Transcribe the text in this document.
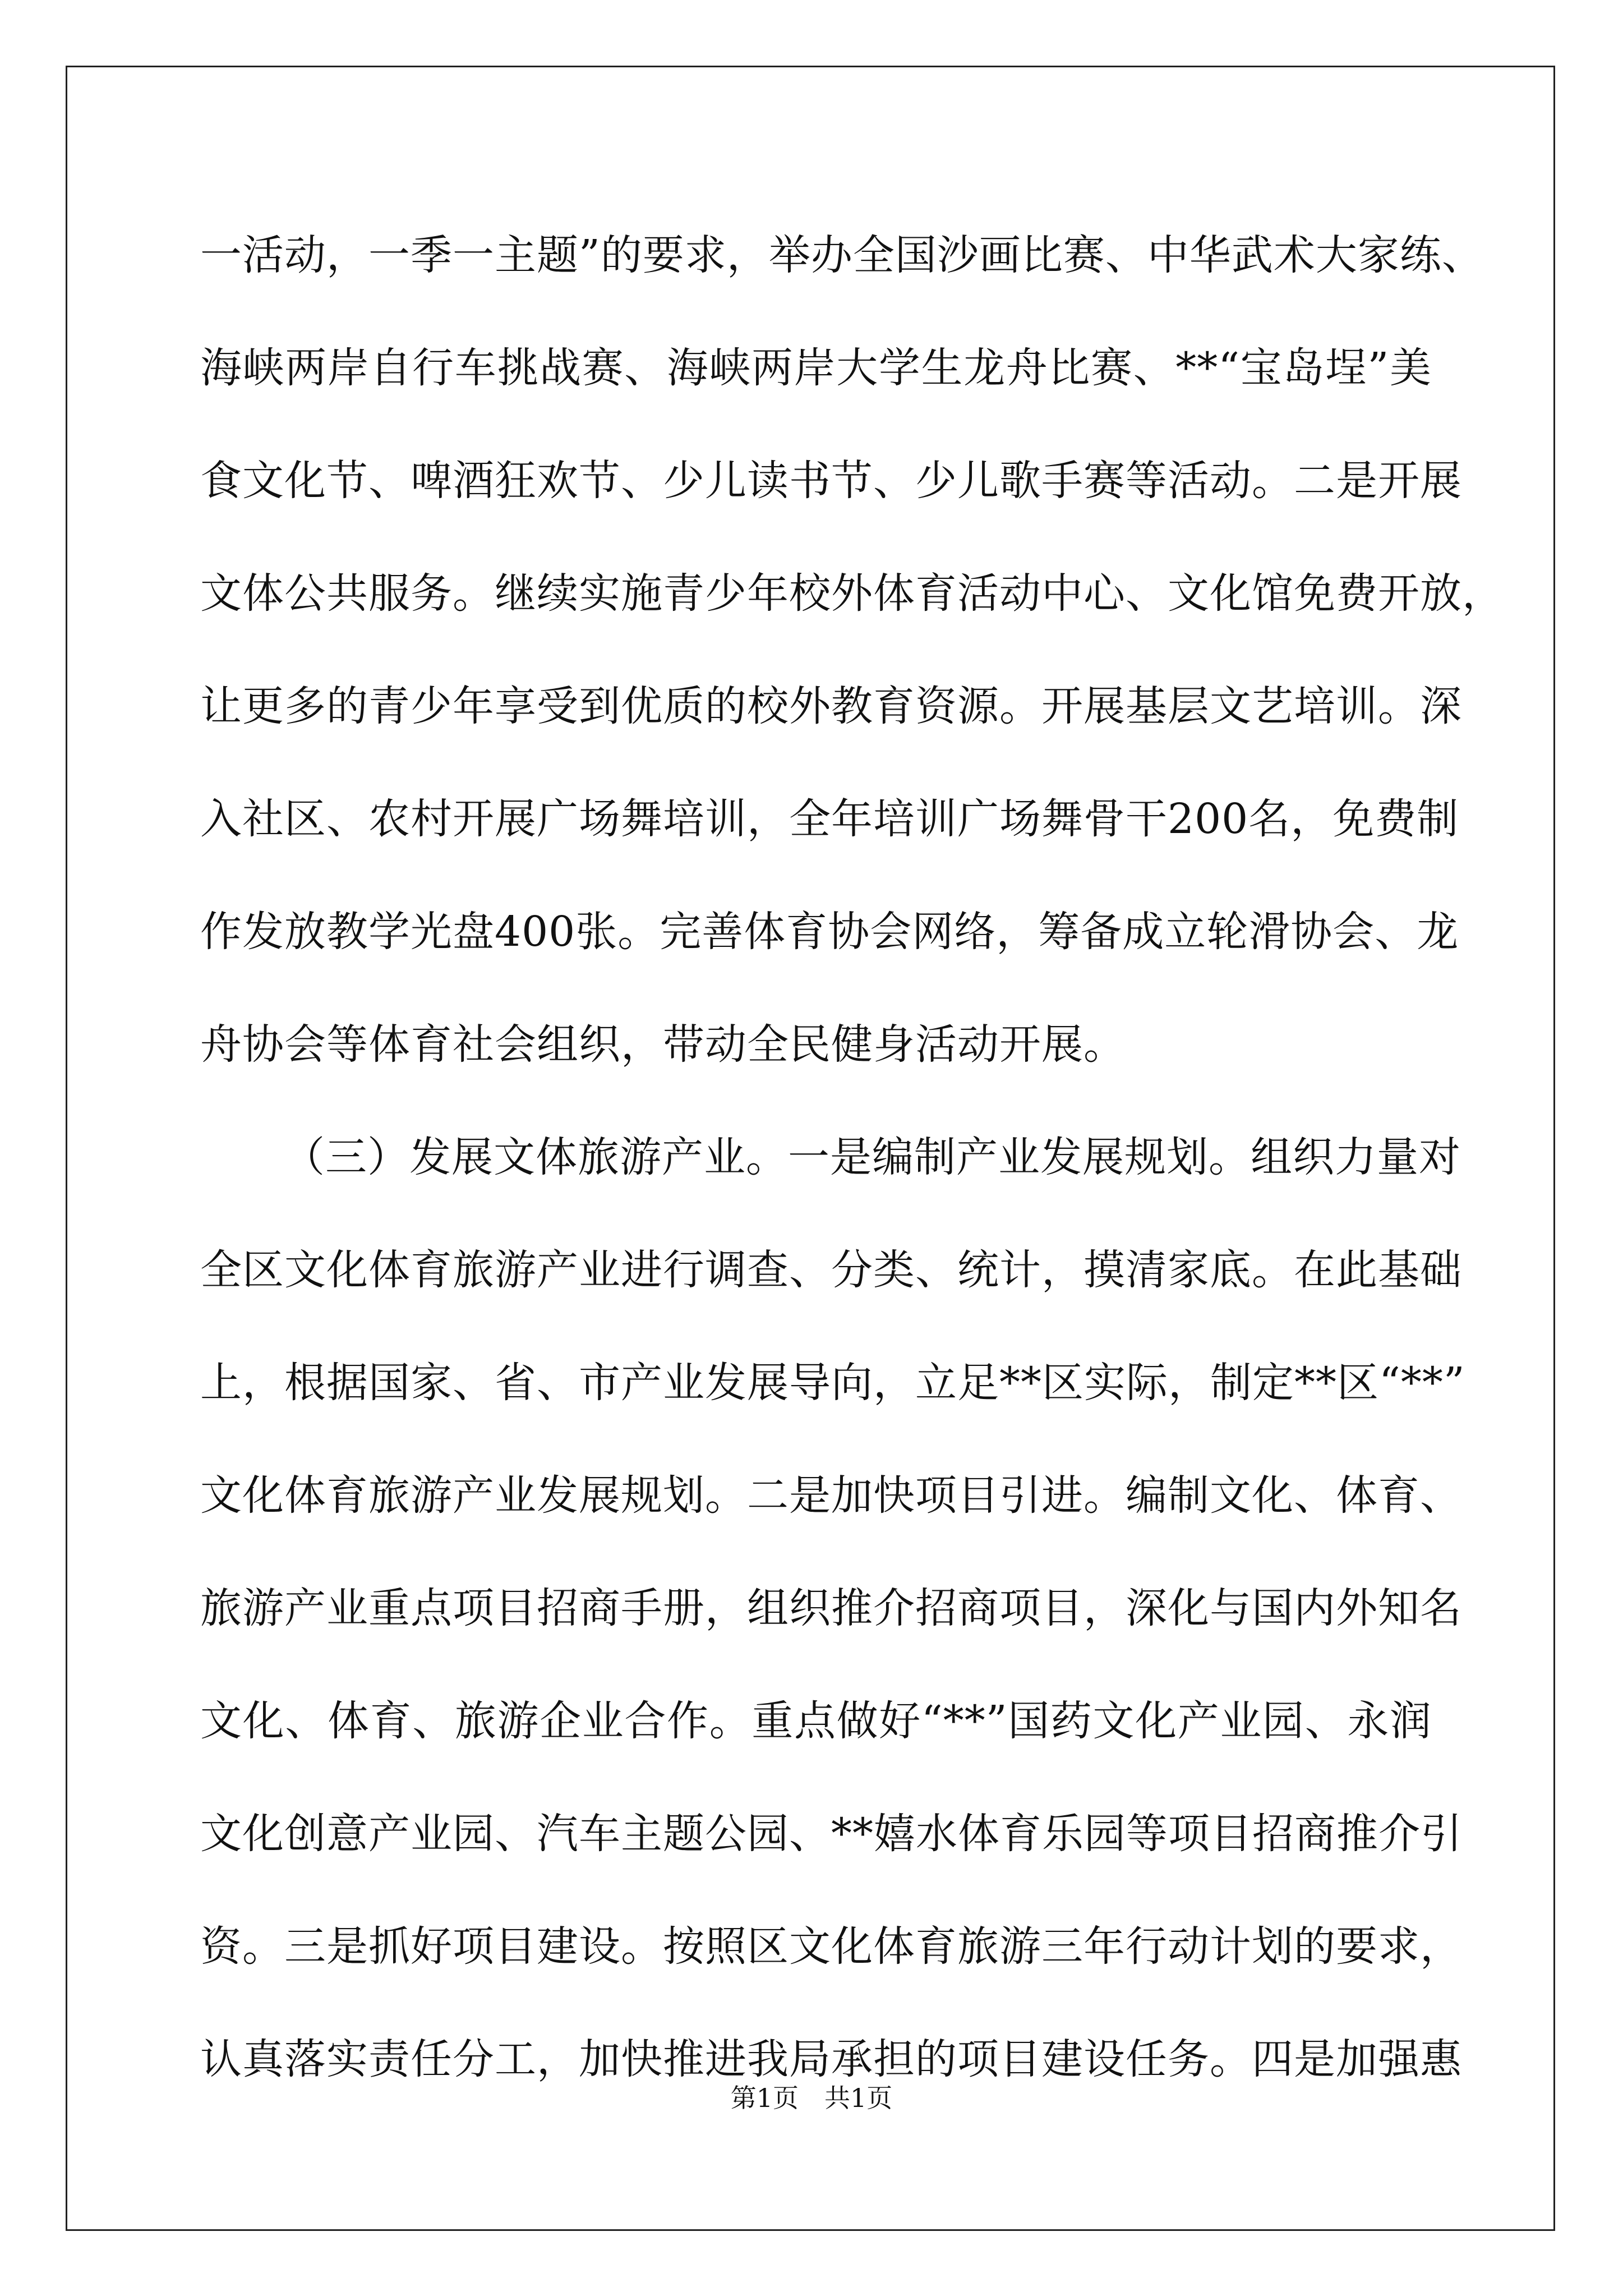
一活动，一季一主题”的要求，举办全国沙画比赛、中华武术大家练、
海峡两岸自行车挑战赛、海峡两岸大学生龙舟比赛、**“宝岛埕”美
食文化节、啤酒狂欢节、少儿读书节、少儿歌手赛等活动。二是开展
文体公共服务。继续实施青少年校外体育活动中心、文化馆免费开放，
让更多的青少年享受到优质的校外教育资源。开展基层文艺培训。深
入社区、农村开展广场舞培训，全年培训广场舞骨干200名，免费制
作发放教学光盘400张。完善体育协会网络，筹备成立轮滑协会、龙
舟协会等体育社会组织，带动全民健身活动开展。
（三）发展文体旅游产业。一是编制产业发展规划。组织力量对
全区文化体育旅游产业进行调查、分类、统计，摸清家底。在此基础
上，根据国家、省、市产业发展导向，立足**区实际，制定**区“**”
文化体育旅游产业发展规划。二是加快项目引进。编制文化、体育、
旅游产业重点项目招商手册，组织推介招商项目，深化与国内外知名
文化、体育、旅游企业合作。重点做好“**”国药文化产业园、永润
文化创意产业园、汽车主题公园、**嬉水体育乐园等项目招商推介引
资。三是抓好项目建设。按照区文化体育旅游三年行动计划的要求，
认真落实责任分工，加快推进我局承担的项目建设任务。四是加强惠
第1页　共1页
